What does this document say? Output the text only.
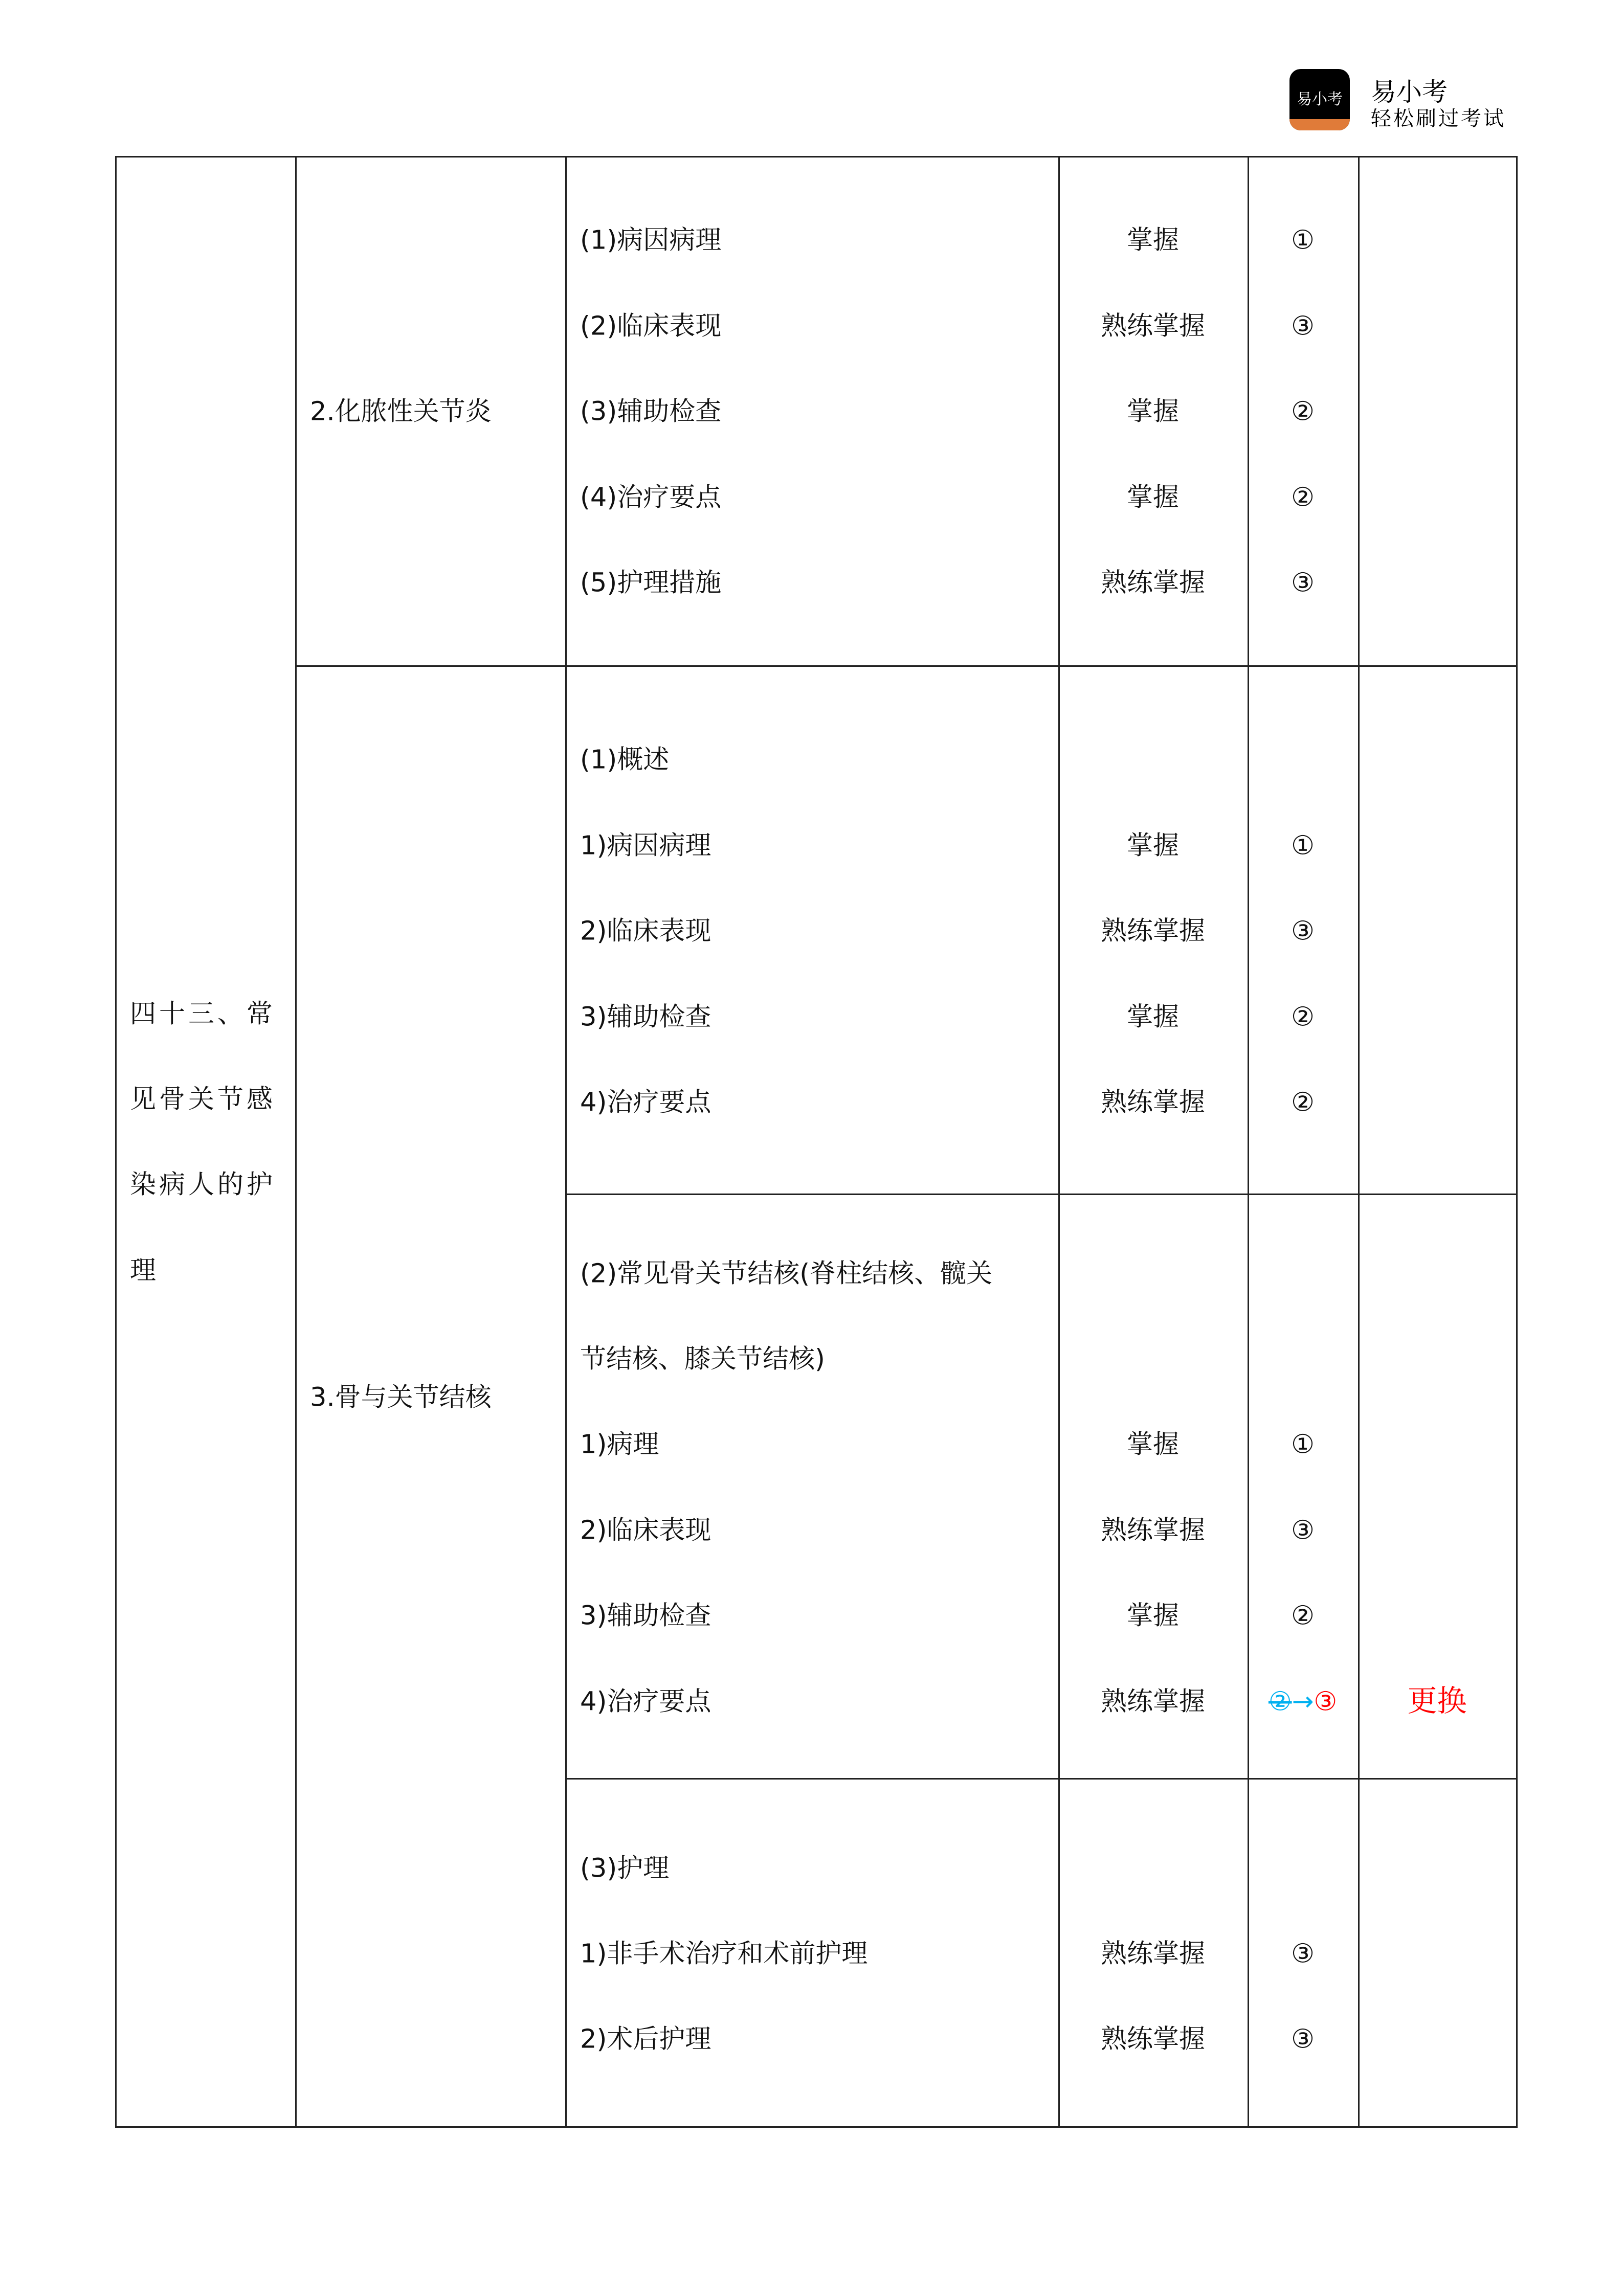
易小考 易小考
轻松刷过考试
四十三、常
见骨关节感
染病人的护
理
2.化脓性关节炎
(1)病因病理	掌握	①
(2)临床表现	熟练掌握	③
(3)辅助检查	掌握	②
(4)治疗要点	掌握	②
(5)护理措施	熟练掌握	③
3.骨与关节结核
(1)概述
1)病因病理	掌握	①
2)临床表现	熟练掌握	③
3)辅助检查	掌握	②
4)治疗要点	熟练掌握	②
(2)常见骨关节结核(脊柱结核、髋关
节结核、膝关节结核)
1)病理	掌握	①
2)临床表现	熟练掌握	③
3)辅助检查	掌握	②
4)治疗要点	熟练掌握	②→③	更换
(3)护理
1)非手术治疗和术前护理	熟练掌握	③
2)术后护理	熟练掌握	③
